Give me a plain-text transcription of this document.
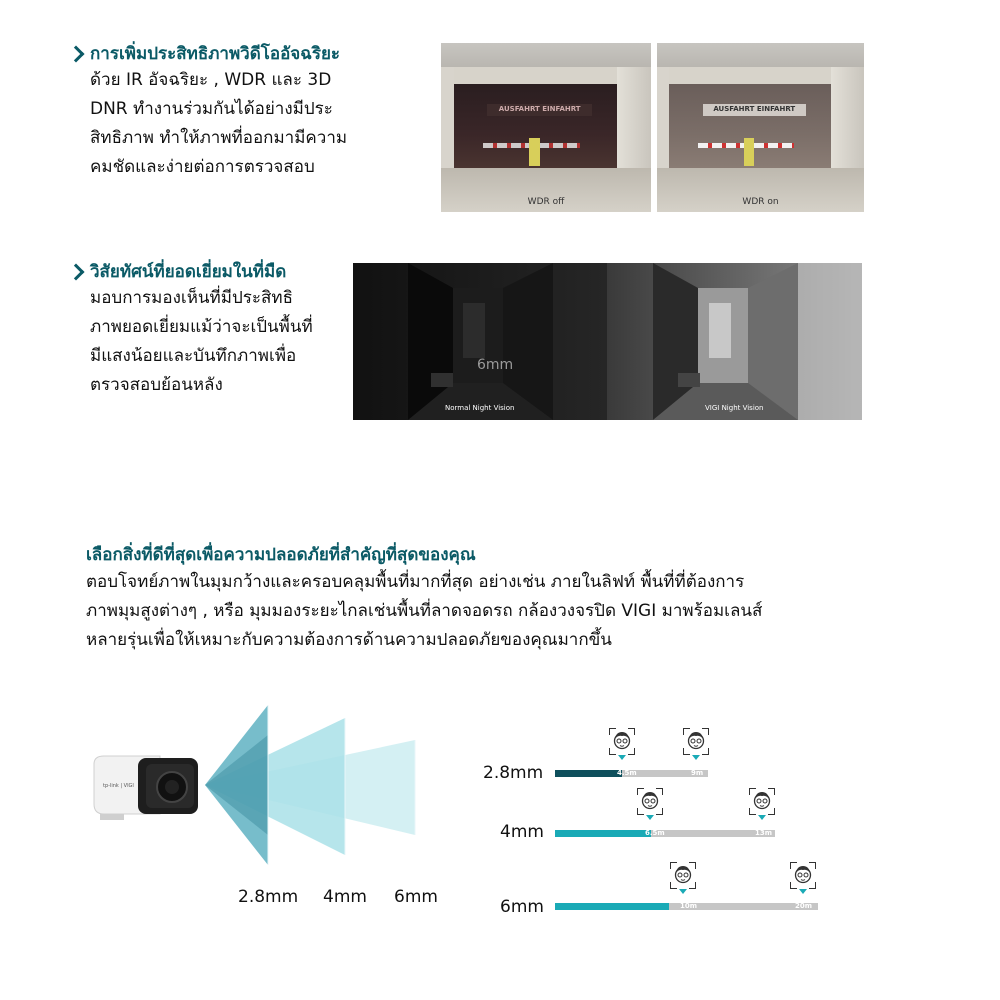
การเพิ่มประสิทธิภาพวิดีโออัจฉริยะ
ด้วย IR อัจฉริยะ , WDR และ 3D
DNR ทำงานร่วมกันได้อย่างมีประ
สิทธิภาพ ทำให้ภาพที่ออกมามีความ
คมชัดและง่ายต่อการตรวจสอบ
AUSFAHRT EINFAHRT
WDR off
AUSFAHRT EINFAHRT
WDR on
วิสัยทัศน์ที่ยอดเยี่ยมในที่มืด
มอบการมองเห็นที่มีประสิทธิ
ภาพยอดเยี่ยมแม้ว่าจะเป็นพื้นที่
มีแสงน้อยและบันทึกภาพเพื่อ
ตรวจสอบย้อนหลัง
6mm
Normal Night Vision	VIGI Night Vision
เลือกสิ่งที่ดีที่สุดเพื่อความปลอดภัยที่สำคัญที่สุดของคุณ
ตอบโจทย์ภาพในมุมกว้างและครอบคลุมพื้นที่มากที่สุด อย่างเช่น ภายในลิฟท์ พื้นที่ที่ต้องการ
ภาพมุมสูงต่างๆ , หรือ มุมมองระยะไกลเช่นพื้นที่ลาดจอดรถ กล้องวงจรปิด VIGI มาพร้อมเลนส์
หลายรุ่นเพื่อให้เหมาะกับความต้องการด้านความปลอดภัยของคุณมากขึ้น
tp-link | VIGI
2.8mm 4mm 6mm
2.8mm	4.5m	9m
4mm	6.5m	13m
6mm	10m	20m
